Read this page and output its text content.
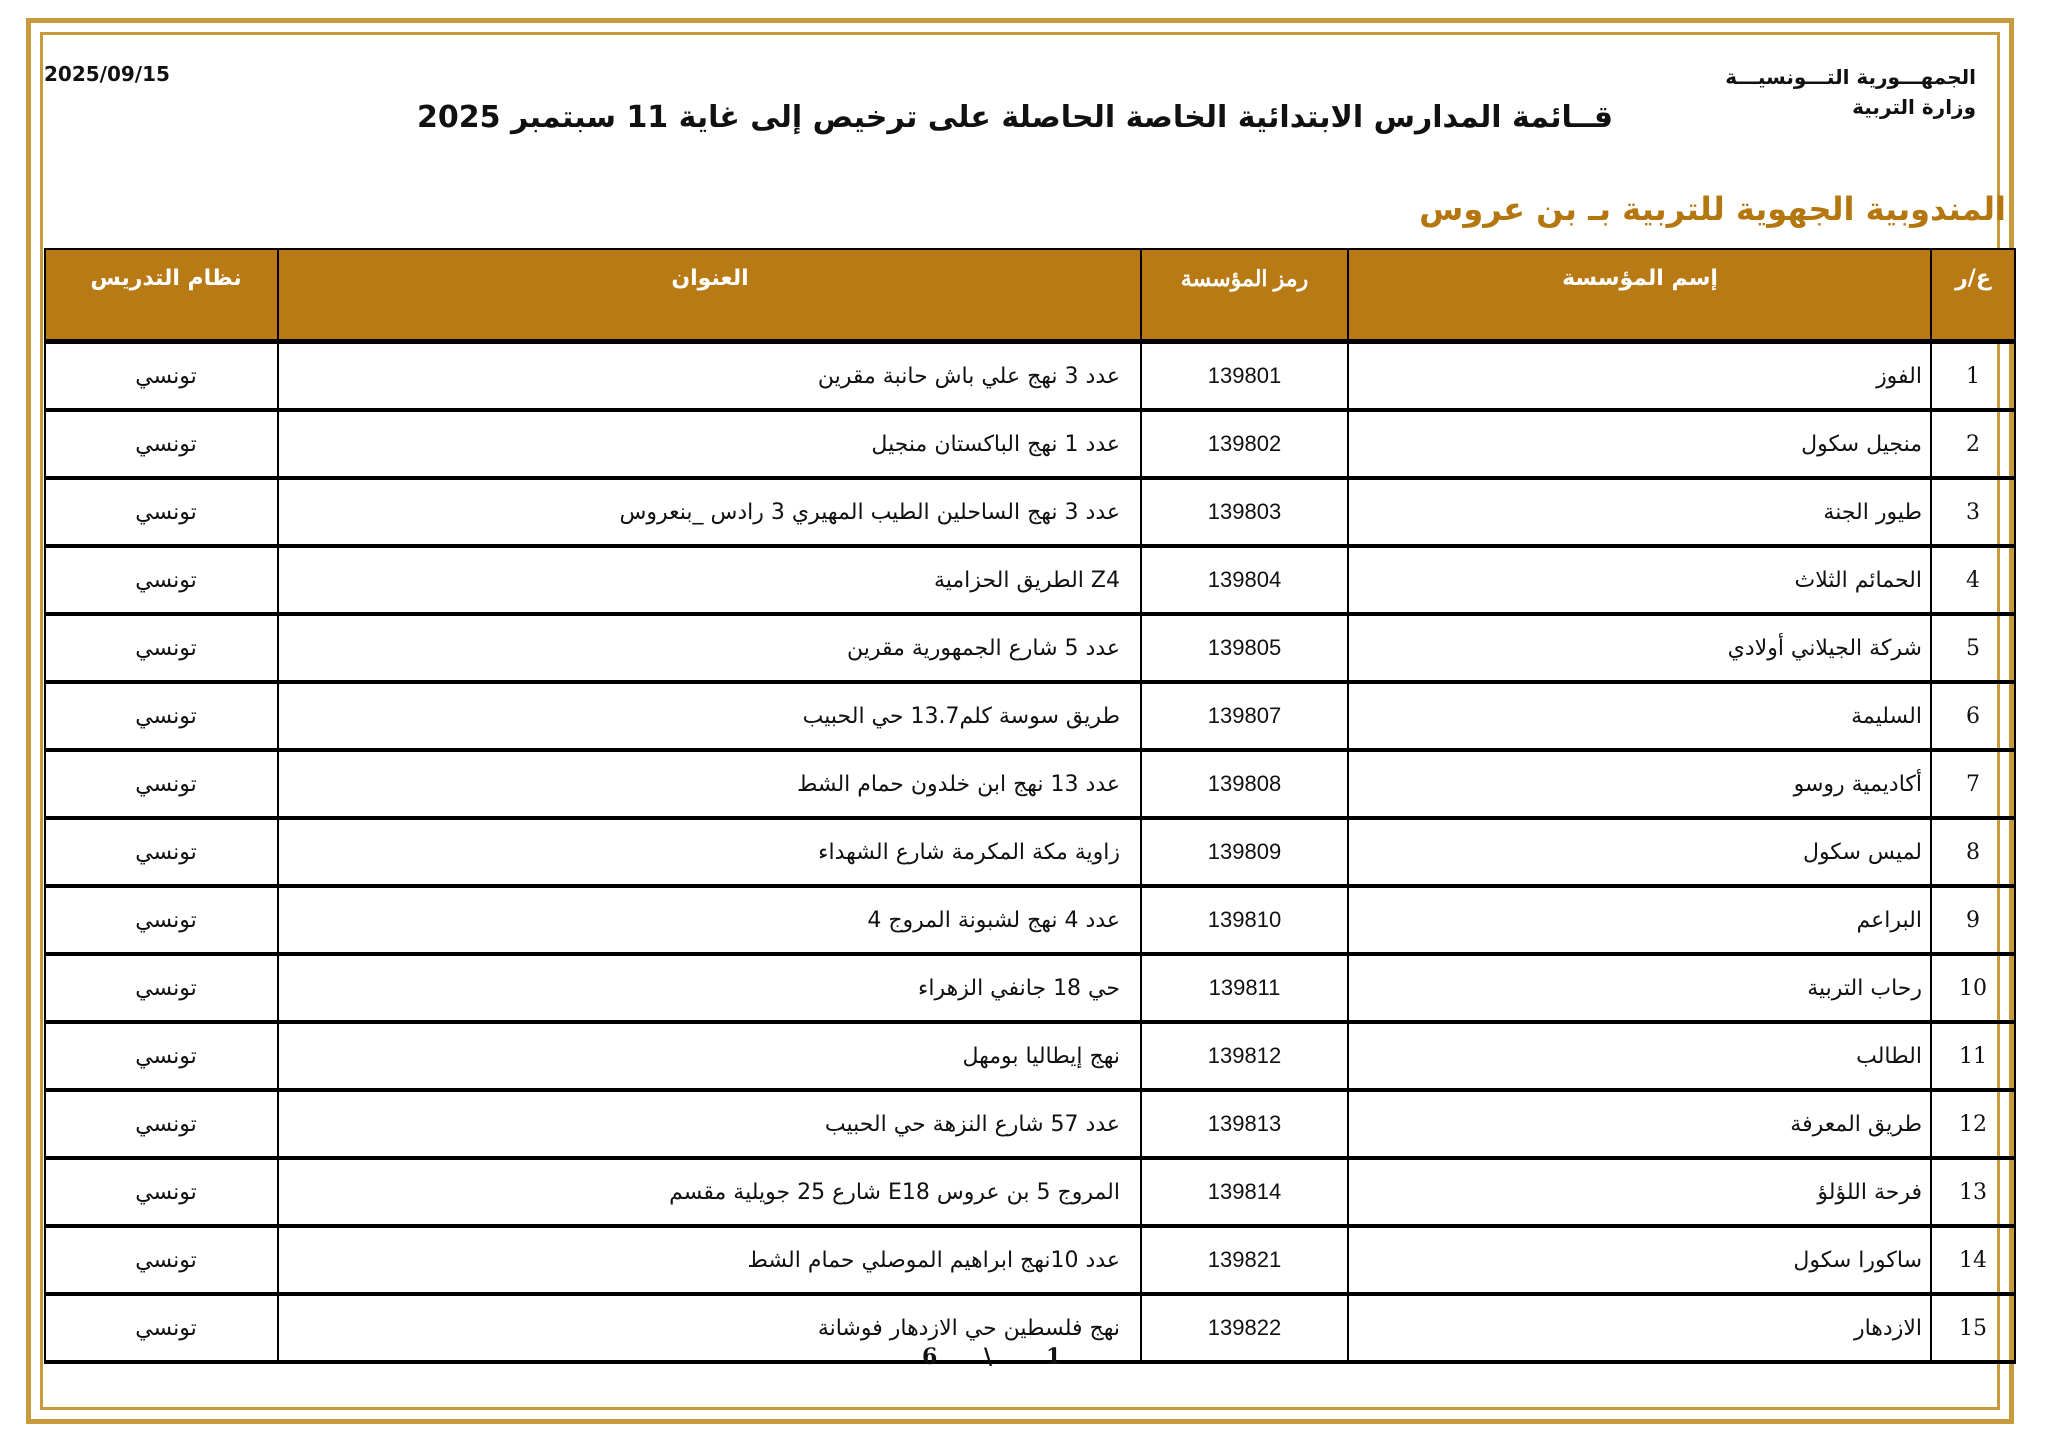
الجمهـــورية التـــونسيـــة
وزارة التربية
2025/09/15
قــائمة المدارس الابتدائية الخاصة الحاصلة على ترخيص إلى غاية 11 سبتمبر 2025
المندوبية الجهوية للتربية بـ بن عروس
ع/ر	إسم المؤسسة	رمز المؤسسة	العنوان	نظام التدريس
1	الفوز	139801	عدد 3 نهج علي باش حانبة مقرين	تونسي
2	منجيل سكول	139802	عدد 1 نهج الباكستان منجيل	تونسي
3	طيور الجنة	139803	عدد 3 نهج الساحلين الطيب المهيري 3 رادس _بنعروس	تونسي
4	الحمائم الثلاث	139804	Z4 الطريق الحزامية	تونسي
5	شركة الجيلاني أولادي	139805	عدد 5 شارع الجمهورية مقرين	تونسي
6	السليمة	139807	طريق سوسة كلم13.7 حي الحبيب	تونسي
7	أكاديمية روسو	139808	عدد 13 نهج ابن خلدون حمام الشط	تونسي
8	لميس سكول	139809	زاوية مكة المكرمة شارع الشهداء	تونسي
9	البراعم	139810	عدد 4 نهج لشبونة المروج 4	تونسي
10	رحاب التربية	139811	حي 18 جانفي الزهراء	تونسي
11	الطالب	139812	نهج إيطاليا بومهل	تونسي
12	طريق المعرفة	139813	عدد 57 شارع النزهة حي الحبيب	تونسي
13	فرحة اللؤلؤ	139814	المروج 5 بن عروس E18 شارع 25 جويلية مقسم	تونسي
14	ساكورا سكول	139821	عدد 10نهج ابراهيم الموصلي حمام الشط	تونسي
15	الازدهار	139822	نهج فلسطين حي الازدهار فوشانة	تونسي
1
\
6
